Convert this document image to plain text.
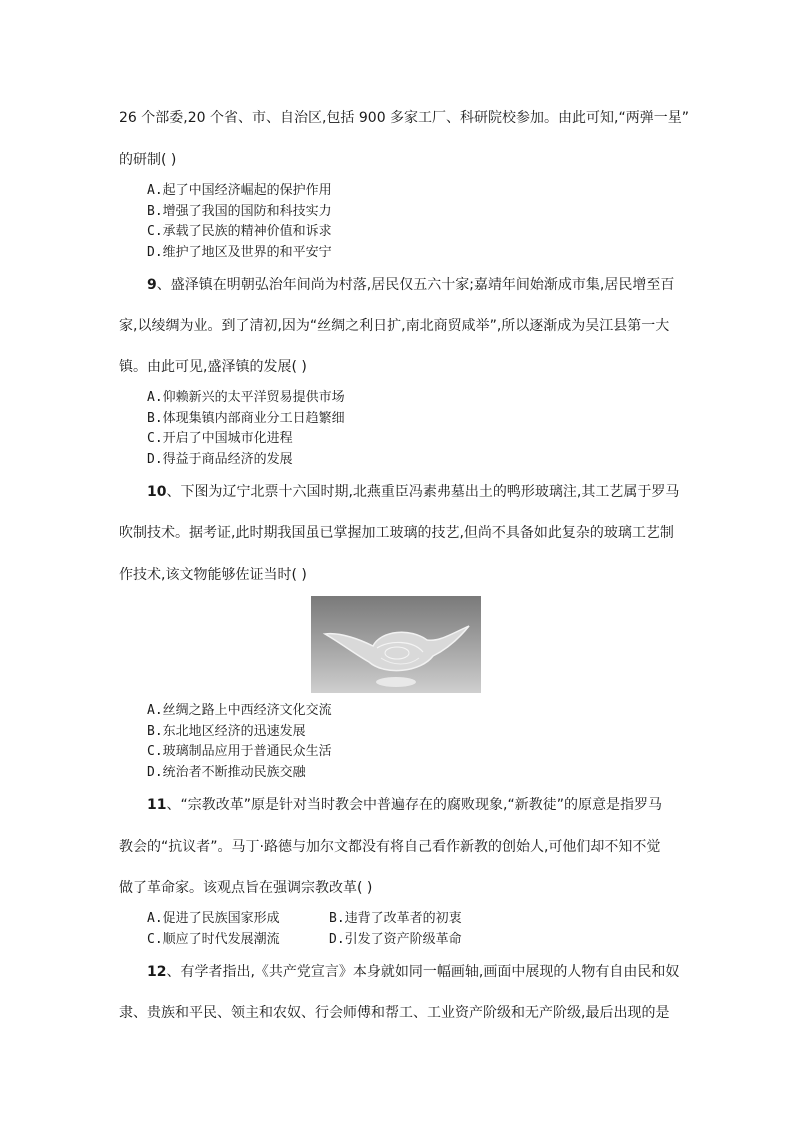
26 个部委,20 个省、市、自治区,包括 900 多家工厂、科研院校参加。由此可知,“两弹一星”
的研制( )
A.起了中国经济崛起的保护作用
B.增强了我国的国防和科技实力
C.承载了民族的精神价值和诉求
D.维护了地区及世界的和平安宁
9、盛泽镇在明朝弘治年间尚为村落,居民仅五六十家;嘉靖年间始渐成市集,居民增至百
家,以绫绸为业。到了清初,因为“丝绸之利日扩,南北商贸咸举”,所以逐渐成为吴江县第一大
镇。由此可见,盛泽镇的发展( )
A.仰赖新兴的太平洋贸易提供市场
B.体现集镇内部商业分工日趋繁细
C.开启了中国城市化进程
D.得益于商品经济的发展
10、下图为辽宁北票十六国时期,北燕重臣冯素弗墓出土的鸭形玻璃注,其工艺属于罗马
吹制技术。据考证,此时期我国虽已掌握加工玻璃的技艺,但尚不具备如此复杂的玻璃工艺制
作技术,该文物能够佐证当时( )
A.丝绸之路上中西经济文化交流
B.东北地区经济的迅速发展
C.玻璃制品应用于普通民众生活
D.统治者不断推动民族交融
11、“宗教改革”原是针对当时教会中普遍存在的腐败现象,“新教徒”的原意是指罗马
教会的“抗议者”。马丁·路德与加尔文都没有将自己看作新教的创始人,可他们却不知不觉
做了革命家。该观点旨在强调宗教改革( )
A.促进了民族国家形成	B.违背了改革者的初衷
C.顺应了时代发展潮流	D.引发了资产阶级革命
12、有学者指出,《共产党宣言》本身就如同一幅画轴,画面中展现的人物有自由民和奴
隶、贵族和平民、领主和农奴、行会师傅和帮工、工业资产阶级和无产阶级,最后出现的是
